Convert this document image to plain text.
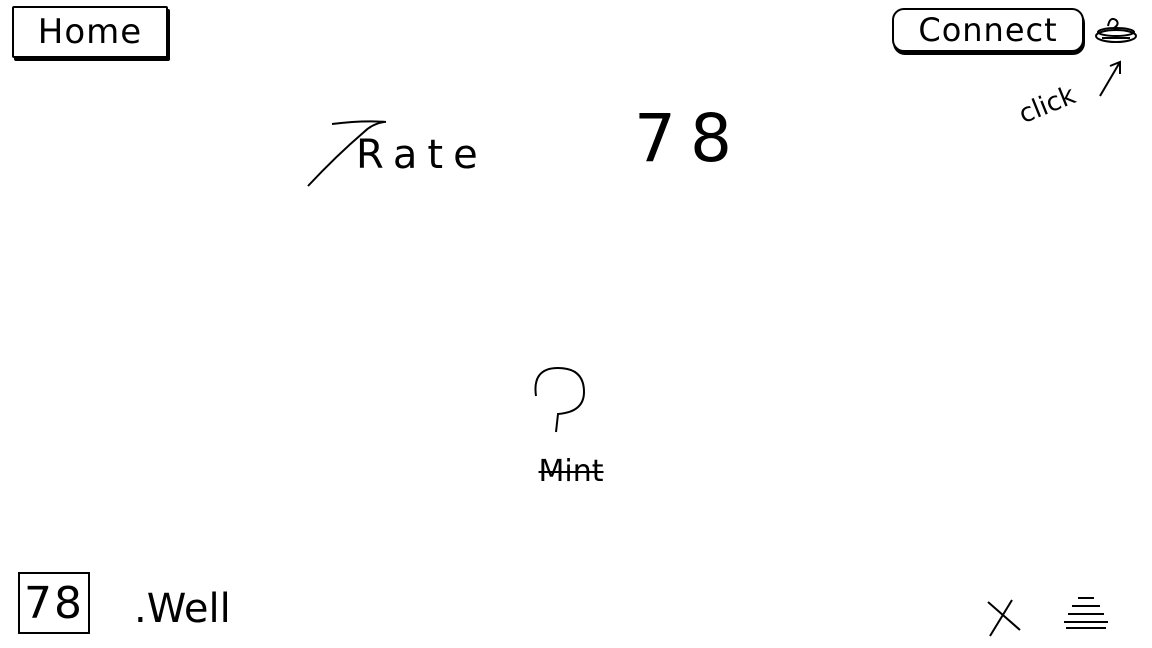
Home	Connect
click
Rate 78
Mint
78 .Well
